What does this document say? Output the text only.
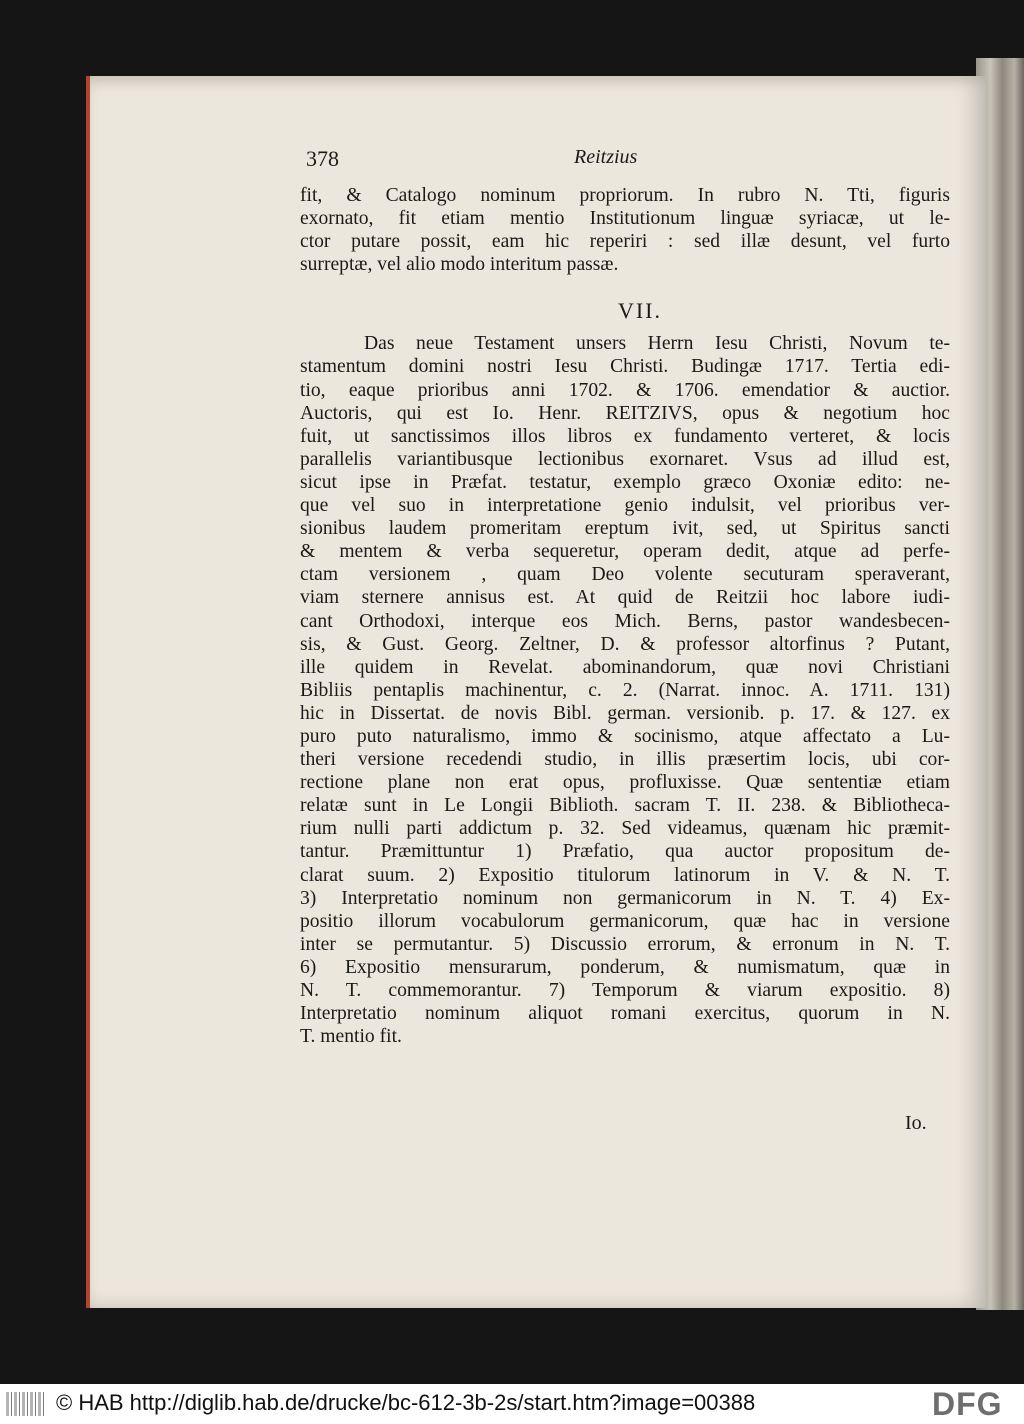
378	Reitzius
fit, & Catalogo nominum propriorum. In rubro N. Tti, figuris
exornato, fit etiam mentio Institutionum linguæ syriacæ, ut le-
ctor putare possit, eam hic reperiri : sed illæ desunt, vel furto
surreptæ, vel alio modo interitum passæ.
VII.
Das neue Testament unsers Herrn Iesu Christi, Novum te-
stamentum domini nostri Iesu Christi. Budingæ 1717. Tertia edi-
tio, eaque prioribus anni 1702. & 1706. emendatior & auctior.
Auctoris, qui est Io. Henr. REITZIVS, opus & negotium hoc
fuit, ut sanctissimos illos libros ex fundamento verteret, & locis
parallelis variantibusque lectionibus exornaret. Vsus ad illud est,
sicut ipse in Præfat. testatur, exemplo græco Oxoniæ edito: ne-
que vel suo in interpretatione genio indulsit, vel prioribus ver-
sionibus laudem promeritam ereptum ivit, sed, ut Spiritus sancti
& mentem & verba sequeretur, operam dedit, atque ad perfe-
ctam versionem , quam Deo volente secuturam speraverant,
viam sternere annisus est. At quid de Reitzii hoc labore iudi-
cant Orthodoxi, interque eos Mich. Berns, pastor wandesbecen-
sis, & Gust. Georg. Zeltner, D. & professor altorfinus ? Putant,
ille quidem in Revelat. abominandorum, quæ novi Christiani
Bibliis pentaplis machinentur, c. 2. (Narrat. innoc. A. 1711. 131)
hic in Dissertat. de novis Bibl. german. versionib. p. 17. & 127. ex
puro puto naturalismo, immo & socinismo, atque affectato a Lu-
theri versione recedendi studio, in illis præsertim locis, ubi cor-
rectione plane non erat opus, profluxisse. Quæ sententiæ etiam
relatæ sunt in Le Longii Biblioth. sacram T. II. 238. & Bibliotheca-
rium nulli parti addictum p. 32. Sed videamus, quænam hic præmit-
tantur. Præmittuntur 1) Præfatio, qua auctor propositum de-
clarat suum. 2) Expositio titulorum latinorum in V. & N. T.
3) Interpretatio nominum non germanicorum in N. T. 4) Ex-
positio illorum vocabulorum germanicorum, quæ hac in versione
inter se permutantur. 5) Discussio errorum, & erronum in N. T.
6) Expositio mensurarum, ponderum, & numismatum, quæ in
N. T. commemorantur. 7) Temporum & viarum expositio. 8)
Interpretatio nominum aliquot romani exercitus, quorum in N.
T. mentio fit.
Io.
© HAB http://diglib.hab.de/drucke/bc-612-3b-2s/start.htm?image=00388	DFG
